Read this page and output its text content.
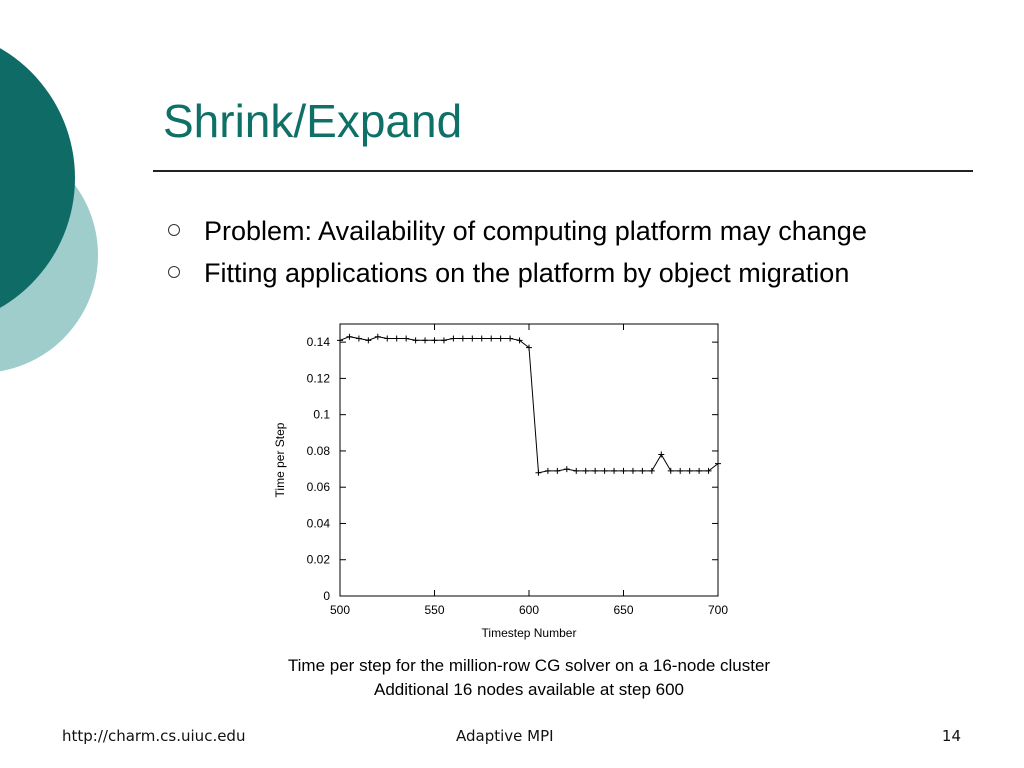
Shrink/Expand
Problem: Availability of computing platform may change
Fitting applications on the platform by object migration
0
0.02
0.04
0.06
0.08
0.1
0.12
0.14
500	550	600	650	700
Timestep Number
Time per Step
Time per step for the million-row CG solver on a 16-node cluster
Additional 16 nodes available at step 600
http://charm.cs.uiuc.edu	Adaptive MPI	14
